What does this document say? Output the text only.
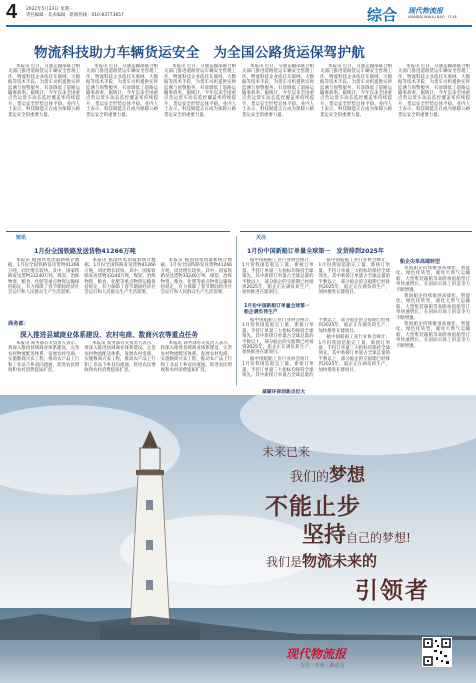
4 2022年5月23日 星期一
责任编辑 · 美术编辑 · 新闻热线：010-83773657	综合 现代物流报
XIANDAI WULIU BAO · IT-4E
物流科技助力车辆货运安全　为全国公路货运保驾护航

本报讯 近日，交通运输部联合相关部门推进道路货运车辆安全管理工作，物流科技企业依托车联网、大数据等技术手段，为货车司机提供实时监测与预警服务，有效降低了道路运输事故率。据统计，今年以来全国重点营运货车动态监控覆盖率持续提升，货运安全形势总体平稳。业内人士表示，科技赋能正在成为保障公路货运安全的重要力量。

本报讯 近日，交通运输部联合相关部门推进道路货运车辆安全管理工作，物流科技企业依托车联网、大数据等技术手段，为货车司机提供实时监测与预警服务，有效降低了道路运输事故率。据统计，今年以来全国重点营运货车动态监控覆盖率持续提升，货运安全形势总体平稳。业内人士表示，科技赋能正在成为保障公路货运安全的重要力量。

本报讯 近日，交通运输部联合相关部门推进道路货运车辆安全管理工作，物流科技企业依托车联网、大数据等技术手段，为货车司机提供实时监测与预警服务，有效降低了道路运输事故率。据统计，今年以来全国重点营运货车动态监控覆盖率持续提升，货运安全形势总体平稳。业内人士表示，科技赋能正在成为保障公路货运安全的重要力量。

本报讯 近日，交通运输部联合相关部门推进道路货运车辆安全管理工作，物流科技企业依托车联网、大数据等技术手段，为货车司机提供实时监测与预警服务，有效降低了道路运输事故率。据统计，今年以来全国重点营运货车动态监控覆盖率持续提升，货运安全形势总体平稳。业内人士表示，科技赋能正在成为保障公路货运安全的重要力量。

本报讯 近日，交通运输部联合相关部门推进道路货运车辆安全管理工作，物流科技企业依托车联网、大数据等技术手段，为货车司机提供实时监测与预警服务，有效降低了道路运输事故率。据统计，今年以来全国重点营运货车动态监控覆盖率持续提升，货运安全形势总体平稳。业内人士表示，科技赋能正在成为保障公路货运安全的重要力量。

本报讯 近日，交通运输部联合相关部门推进道路货运车辆安全管理工作，物流科技企业依托车联网、大数据等技术手段，为货车司机提供实时监测与预警服务，有效降低了道路运输事故率。据统计，今年以来全国重点营运货车动态监控覆盖率持续提升，货运安全形势总体平稳。业内人士表示，科技赋能正在成为保障公路货运安全的重要力量。

短讯	关注
1月份全国铁路发送货物41266万吨

本报讯 据国铁集团最新统计数据，1月份全国铁路发送货物41266万吨，同比增长较快。其中，国家铁路发送货物33240万吨，煤炭、冶炼物资、粮食、化肥等重点物资运输保持稳定，有力保障了春节期间经济社会运行和人民群众生产生活需要。

本报讯 据国铁集团最新统计数据，1月份全国铁路发送货物41266万吨，同比增长较快。其中，国家铁路发送货物33240万吨，煤炭、冶炼物资、粮食、化肥等重点物资运输保持稳定，有力保障了春节期间经济社会运行和人民群众生产生活需要。

本报讯 据国铁集团最新统计数据，1月份全国铁路发送货物41266万吨，同比增长较快。其中，国家铁路发送货物33240万吨，煤炭、冶炼物资、粮食、化肥等重点物资运输保持稳定，有力保障了春节期间经济社会运行和人民群众生产生活需要。

商务部：
深入推进县域商业体系建设、农村电商、数商兴农等重点任务

本报讯 商务部有关负责人表示，将深入推进县域商业体系建设，完善农村物流配送体系，发展农村电商，实施数商兴农工程，推动农产品上行和工业品下乡双向流通，促进农民增收和农村消费提质扩容。

本报讯 商务部有关负责人表示，将深入推进县域商业体系建设，完善农村物流配送体系，发展农村电商，实施数商兴农工程，推动农产品上行和工业品下乡双向流通，促进农民增收和农村消费提质扩容。

本报讯 商务部有关负责人表示，将深入推进县域商业体系建设，完善农村物流配送体系，发展农村电商，实施数商兴农工程，推动农产品上行和工业品下乡双向流通，促进农民增收和农村消费提质扩容。

1月份中国新船订单量全球第一　发货排到2025年

据中国船舶工业行业协会统计，1月份我国造船完工量、新接订单量、手持订单量三大指标均保持全球领先。其中新接订单量占全球总量的半数以上，部分船企的交船期已经排到2025年，船企正在满负荷生产，加快推进在建项目。

据中国船舶工业行业协会统计，1月份我国造船完工量、新接订单量、手持订单量三大指标均保持全球领先。其中新接订单量占全球总量的半数以上，部分船企的交船期已经排到2025年，船企正在满负荷生产，加快推进在建项目。

1月份中国新船订单量全球第一　船企满负荷生产

据中国船舶工业行业协会统计，1月份我国造船完工量、新接订单量、手持订单量三大指标均保持全球领先。其中新接订单量占全球总量的半数以上，部分船企的交船期已经排到2025年，船企正在满负荷生产，加快推进在建项目。

据中国船舶工业行业协会统计，1月份我国造船完工量、新接订单量、手持订单量三大指标均保持全球领先。其中新接订单量占全球总量的半数以上，部分船企的交船期已经排到2025年，船企正在满负荷生产，加快推进在建项目。

据中国船舶工业行业协会统计，1月份我国造船完工量、新接订单量、手持订单量三大指标均保持全球领先。其中新接订单量占全球总量的半数以上，部分船企的交船期已经排到2025年，船企正在满负荷生产，加快推进在建项目。

船企尖单高端转型

我国船企持续推进高端化、智能化、绿色化转型，液化天然气运输船、大型集装箱船等高附加值船型订单快速增长，在国际市场上的竞争力不断增强。

我国船企持续推进高端化、智能化、绿色化转型，液化天然气运输船、大型集装箱船等高附加值船型订单快速增长，在国际市场上的竞争力不断增强。

我国船企持续推进高端化、智能化、绿色化转型，液化天然气运输船、大型集装箱船等高附加值船型订单快速增长，在国际市场上的竞争力不断增强。

减碳环保创新点位大
未来已来
我们的梦想
不能止步
坚持自己的梦想!
我们是物流未来的
引领者
现代物流报
专注 · 专业 · 新动力
